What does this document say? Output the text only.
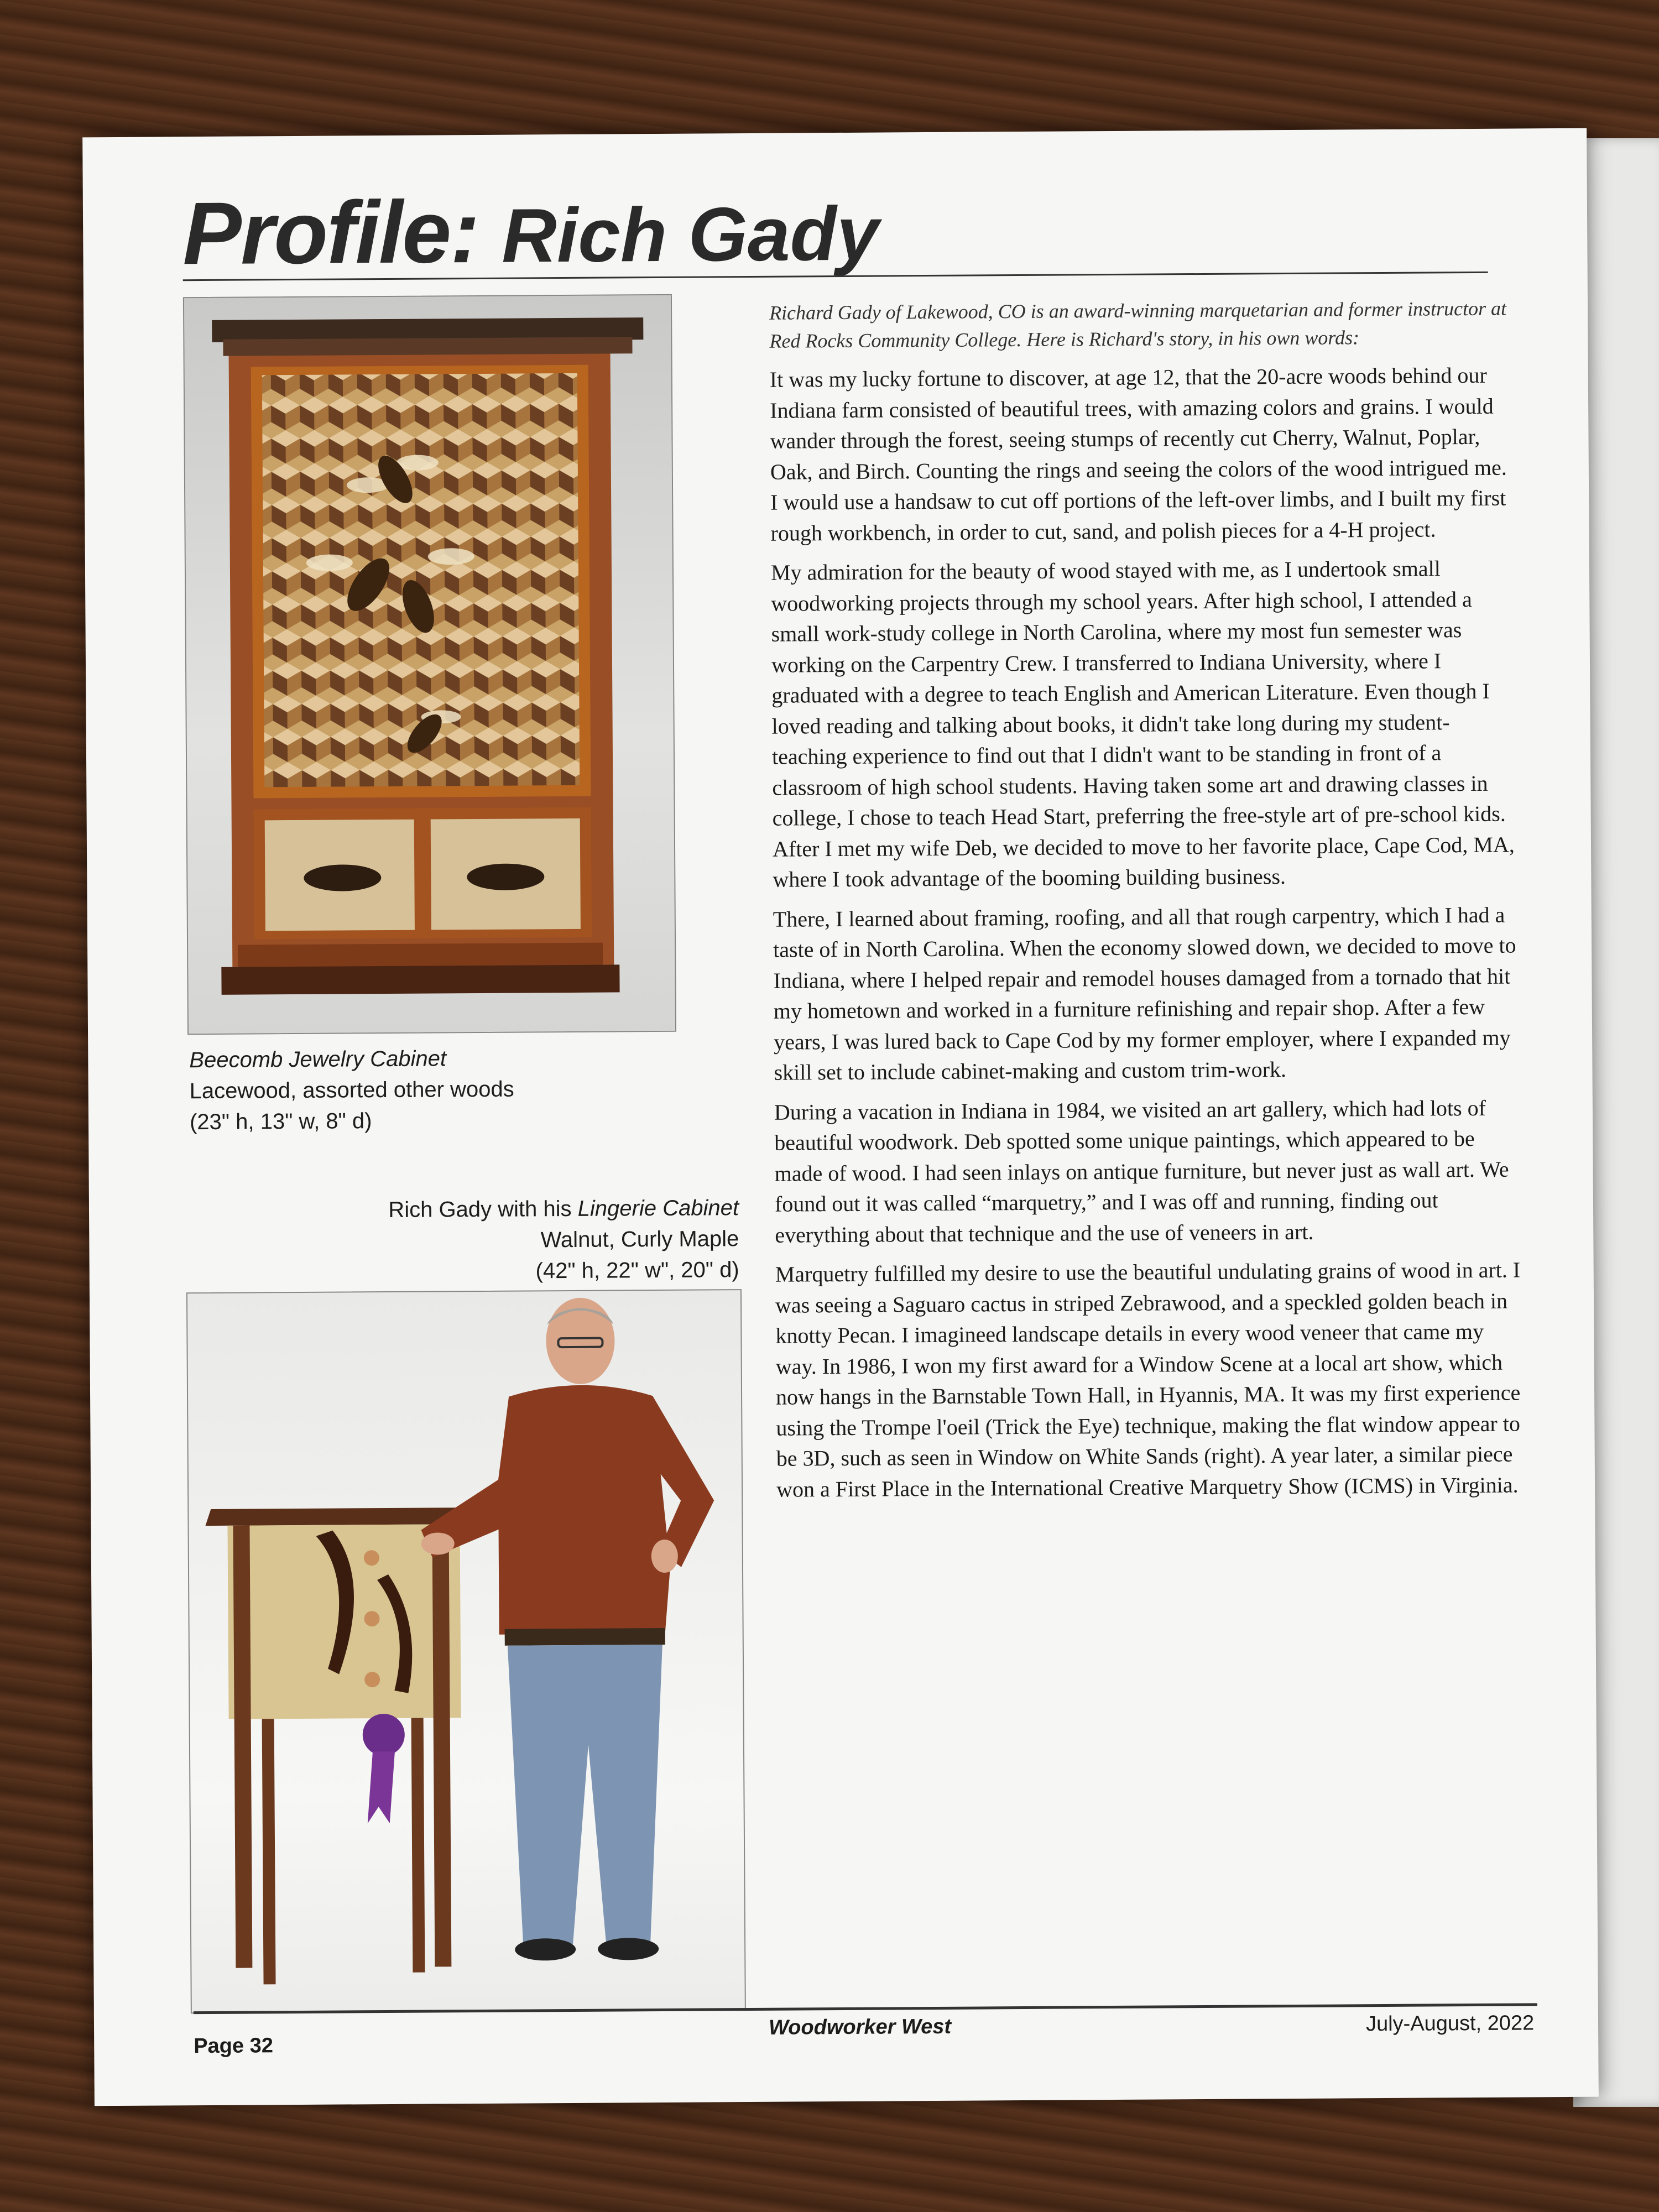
Profile: Rich Gady
Beecomb Jewelry Cabinet
Lacewood, assorted other woods
(23" h, 13" w, 8" d)
Rich Gady with his Lingerie Cabinet
Walnut, Curly Maple
(42" h, 22" w", 20" d)

Richard Gady of Lakewood, CO is an award-winning marquetarian and former instructor at Red Rocks Community College. Here is Richard's story, in his own words:

It was my lucky fortune to discover, at age 12, that the 20-acre woods behind our Indiana farm consisted of beautiful trees, with amazing colors and grains. I would wander through the forest, seeing stumps of recently cut Cherry, Walnut, Poplar, Oak, and Birch. Counting the rings and seeing the colors of the wood intrigued me. I would use a handsaw to cut off portions of the left-over limbs, and I built my first rough workbench, in order to cut, sand, and polish pieces for a 4-H project.

My admiration for the beauty of wood stayed with me, as I undertook small woodworking projects through my school years. After high school, I attended a small work-study college in North Carolina, where my most fun semester was working on the Carpentry Crew. I transferred to Indiana University, where I graduated with a degree to teach English and American Literature. Even though I loved reading and talking about books, it didn't take long during my student-teaching experience to find out that I didn't want to be standing in front of a classroom of high school students. Having taken some art and drawing classes in college, I chose to teach Head Start, preferring the free-style art of pre-school kids. After I met my wife Deb, we decided to move to her favorite place, Cape Cod, MA, where I took advantage of the booming building business.

There, I learned about framing, roofing, and all that rough carpentry, which I had a taste of in North Carolina. When the economy slowed down, we decided to move to Indiana, where I helped repair and remodel houses damaged from a tornado that hit my hometown and worked in a furniture refinishing and repair shop. After a few years, I was lured back to Cape Cod by my former employer, where I expanded my skill set to include cabinet-making and custom trim-work.

During a vacation in Indiana in 1984, we visited an art gallery, which had lots of beautiful woodwork. Deb spotted some unique paintings, which appeared to be made of wood. I had seen inlays on antique furniture, but never just as wall art. We found out it was called “marquetry,” and I was off and running, finding out everything about that technique and the use of veneers in art.

Marquetry fulfilled my desire to use the beautiful undulating grains of wood in art. I was seeing a Saguaro cactus in striped Zebrawood, and a speckled golden beach in knotty Pecan. I imagineed landscape details in every wood veneer that came my way. In 1986, I won my first award for a Window Scene at a local art show, which now hangs in the Barnstable Town Hall, in Hyannis, MA. It was my first experience using the Trompe l'oeil (Trick the Eye) technique, making the flat window appear to be 3D, such as seen in Window on White Sands (right). A year later, a similar piece won a First Place in the International Creative Marquetry Show (ICMS) in Virginia.

Page 32
Woodworker West	July-August, 2022
